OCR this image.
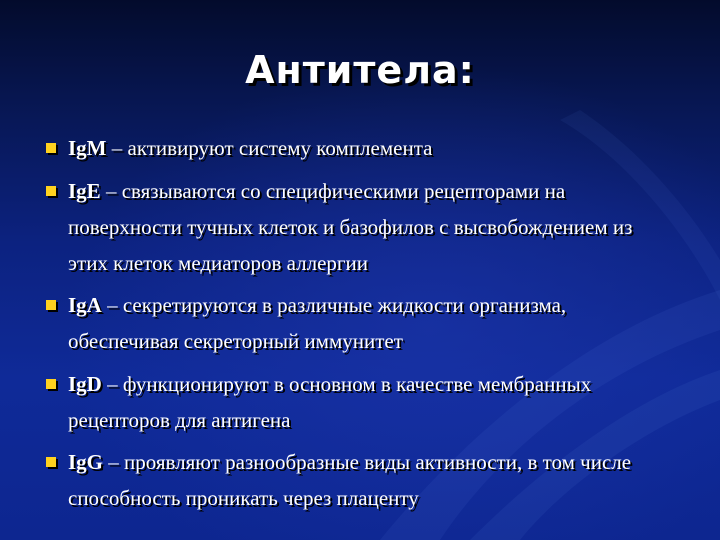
Антитела:
IgM – активируют систему комплемента
IgE – связываются со специфическими рецепторами на поверхности тучных клеток и базофилов с высвобождением из этих клеток медиаторов аллергии
IgA – секретируются в различные жидкости организма, обеспечивая секреторный иммунитет
IgD – функционируют в основном в качестве мембранных рецепторов для антигена
IgG – проявляют разнообразные виды активности, в том числе способность проникать через плаценту
